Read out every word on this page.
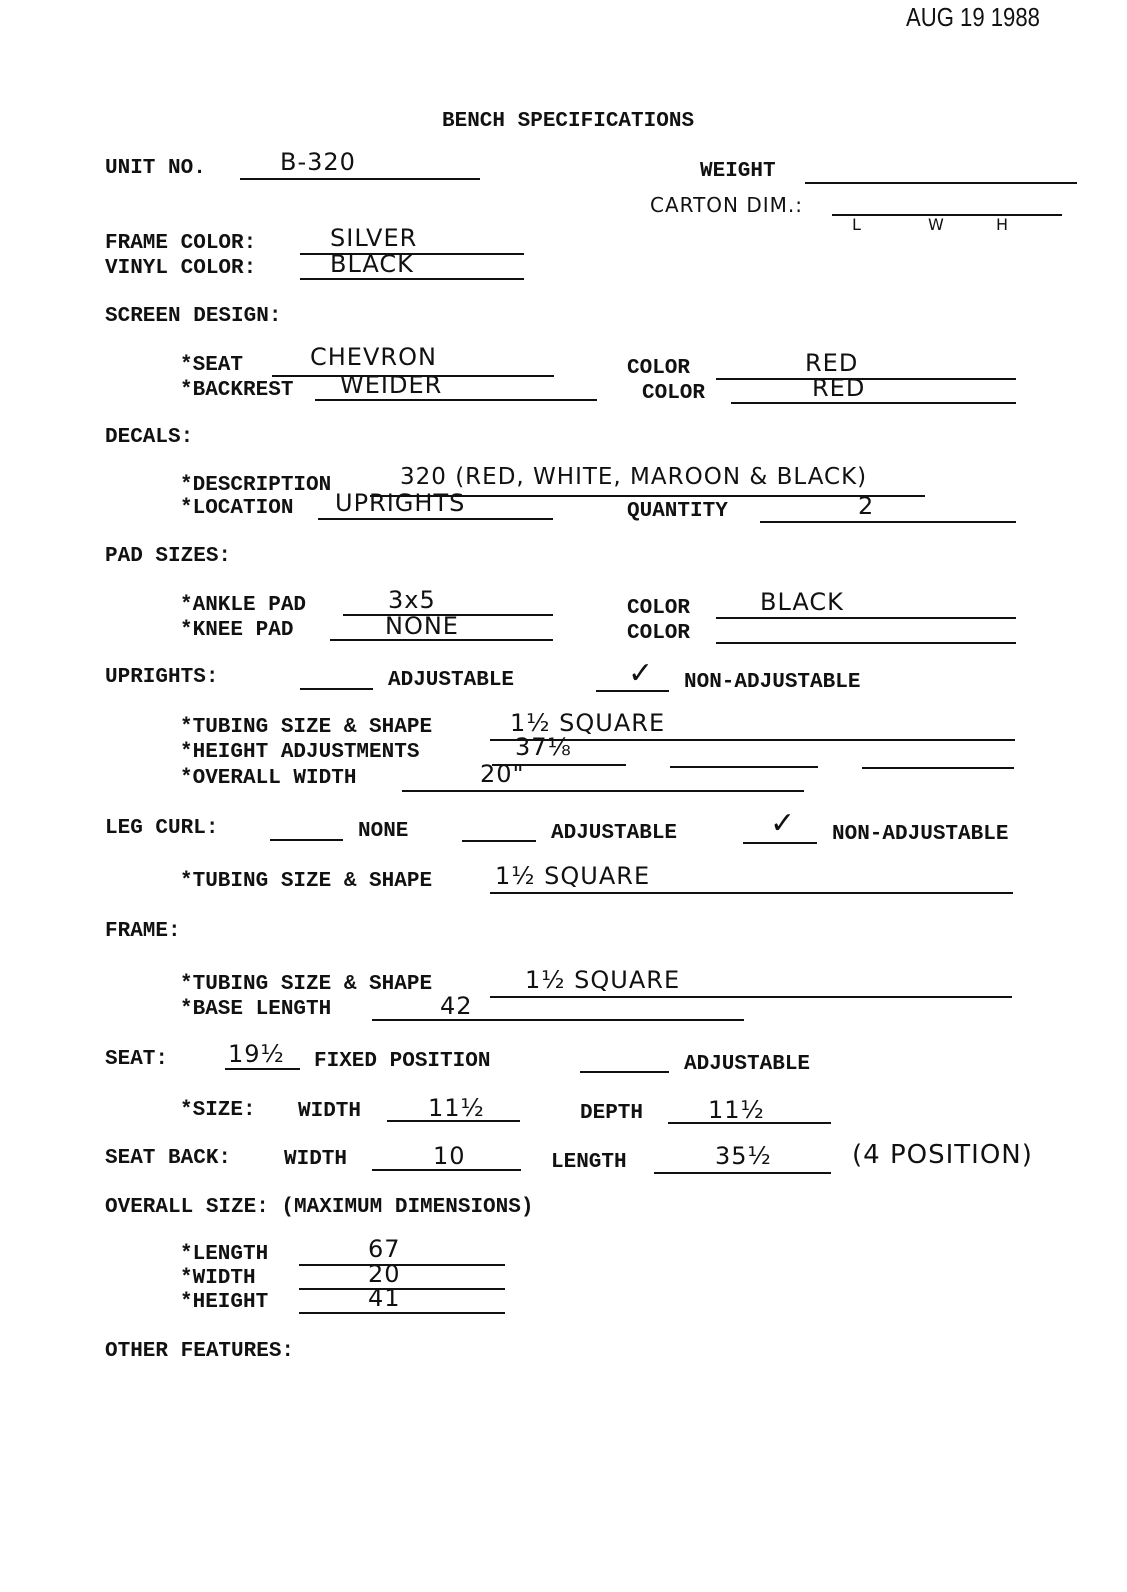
AUG 19 1988
BENCH SPECIFICATIONS
UNIT NO.	B-320	WEIGHT
CARTON DIM.:
L	W	H
FRAME COLOR:	SILVER
VINYL COLOR:	BLACK
SCREEN DESIGN:
*SEAT	CHEVRON	COLOR	RED
*BACKREST WEIDER	COLOR	RED
DECALS:
*DESCRIPTION	320 (RED, WHITE, MAROON & BLACK)
*LOCATION UPRIGHTS	QUANTITY	2
PAD SIZES:
*ANKLE PAD	3x5	COLOR	BLACK
*KNEE PAD	NONE	COLOR
UPRIGHTS:	ADJUSTABLE	✓ NON-ADJUSTABLE
*TUBING SIZE & SHAPE	1½ SQUARE
*HEIGHT ADJUSTMENTS	37⅛
*OVERALL WIDTH	20"
LEG CURL:	NONE	ADJUSTABLE	✓ NON-ADJUSTABLE
*TUBING SIZE & SHAPE	1½ SQUARE
FRAME:
*TUBING SIZE & SHAPE	1½ SQUARE
*BASE LENGTH	42
SEAT: 19½ FIXED POSITION	ADJUSTABLE
*SIZE: WIDTH	11½	DEPTH	11½
SEAT BACK:	WIDTH	10	LENGTH	35½	(4 POSITION)
OVERALL SIZE: (MAXIMUM DIMENSIONS)
*LENGTH	67
*WIDTH	20
*HEIGHT	41
OTHER FEATURES:
